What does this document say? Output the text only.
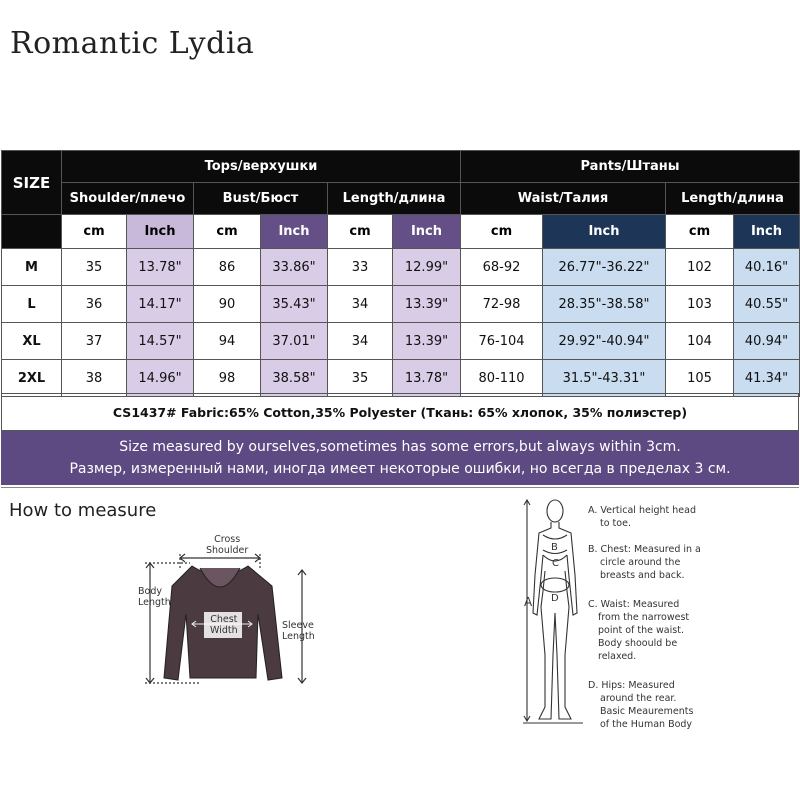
Romantic Lydia
SIZE	Tops/верхушки						Pants/Штаны			
	Shoulder/плечо		Bust/Бюст		Length/длина		Waist/Талия		Length/длина	
	cm	Inch	cm	Inch	cm	Inch	cm	Inch	cm	Inch
M	35	13.78"	86	33.86"	33	12.99"	68-92	26.77"-36.22"	102	40.16"
L	36	14.17"	90	35.43"	34	13.39"	72-98	28.35"-38.58"	103	40.55"
XL	37	14.57"	94	37.01"	34	13.39"	76-104	29.92"-40.94"	104	40.94"
2XL	38	14.96"	98	38.58"	35	13.78"	80-110	31.5"-43.31"	105	41.34"
CS1437# Fabric:65% Cotton,35% Polyester (Ткань: 65% хлопок, 35% полиэстер)
Size measured by ourselves,sometimes has some errors,but always within 3cm.
Размер, измеренный нами, иногда имеет некоторые ошибки, но всегда в пределах 3 см.
How to measure
Cross
Shoulder
Body
Length
Chest
Width	Sleeve
Length
A
B
C
D
A. Vertical height head
to toe.
B. Chest: Measured in a
circle around the
breasts and back.
C. Waist: Measured
from the narrowest
point of the waist.
Body shoould be
relaxed.
D. Hips: Measured
around the rear.
Basic Meaurements
of the Human Body
